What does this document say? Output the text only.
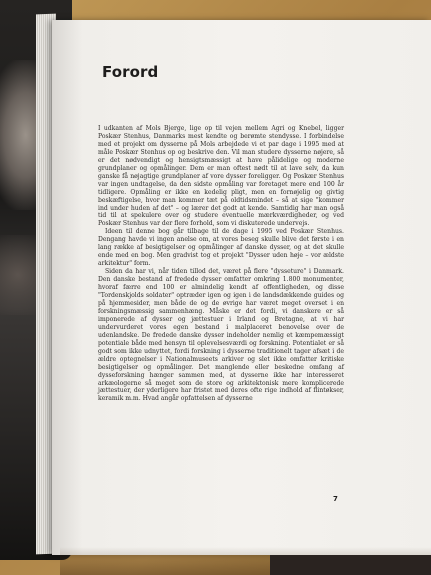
Forord

I udkanten af Mols Bjerge, lige op til vejen mellem Agri og Knebel, ligger Poskær Stenhus, Danmarks mest kendte og berømte stendysse. I forbindelse med et projekt om dysserne på Mols arbejdede vi et par dage i 1995 med at måle Poskær Stenhus op og beskrive den. Vil man studere dysserne nøjere, så er det nødvendigt og hensigtsmæssigt at have pålidelige og moderne grundplaner og opmålinger. Dem er man oftest nødt til at lave selv, da kun ganske få nøjagtige grundplaner af vore dysser foreligger. Og Poskær Stenhus var ingen undtagelse, da den sidste opmåling var foretaget mere end 100 år tidligere. Opmåling er ikke en kedelig pligt, men en fornøjelig og givtig beskæftigelse, hvor man kommer tæt på oldtidsmindet – så at sige "kommer ind under huden af det" – og lærer det godt at kende. Samtidig har man også tid til at spekulere over og studere eventuelle mærkværdigheder, og ved Poskær Stenhus var der flere forhold, som vi diskuterede undervejs.

Ideen til denne bog går tilbage til de dage i 1995 ved Poskær Stenhus. Dengang havde vi ingen anelse om, at vores beseg skulle blive det første i en lang række af besigtigelser og opmålinger af danske dysser, og at det skulle ende med en bog. Men gradvist tog et projekt "Dysser uden høje – vor ældste arkitektur" form.

Siden da har vi, når tiden tillod det, været på flere "dysseture" i Danmark. Den danske bestand af fredede dysser omfatter omkring 1.800 monumenter, hvoraf færre end 100 er almindelig kendt af offentligheden, og disse "Tordenskjolds soldater" optræder igen og igen i de landsdækkende guides og på hjemmesider, men både de og de øvrige har været meget overset i en forskningsmæssig sammenhæng. Måske er det fordi, vi danskere er så imponerede af dysser og jættestuer i Irland og Bretagne, at vi har undervurderet vores egen bestand i malplaceret benovelse over de udenlandske. De fredede danske dysser indeholder nemlig et kæmpemæssigt potentiale både med hensyn til oplevelsesværdi og forskning. Potentialet er så godt som ikke udnyttet, fordi forskning i dysserne traditionelt tager afsæt i de ældre optegnelser i Nationalmuseets arkiver og slet ikke omfatter kritiske besigtigelser og opmålinger. Det manglende eller beskedne omfang af dysseforskning hænger sammen med, at dysserne ikke har interesseret arkæologerne så meget som de store og arkitektonisk mere komplicerede jættestuer, der yderligere har fristet med deres ofte rige indhold af flintøkser, keramik m.m. Hvad angår opfattelsen af dysserne

7
